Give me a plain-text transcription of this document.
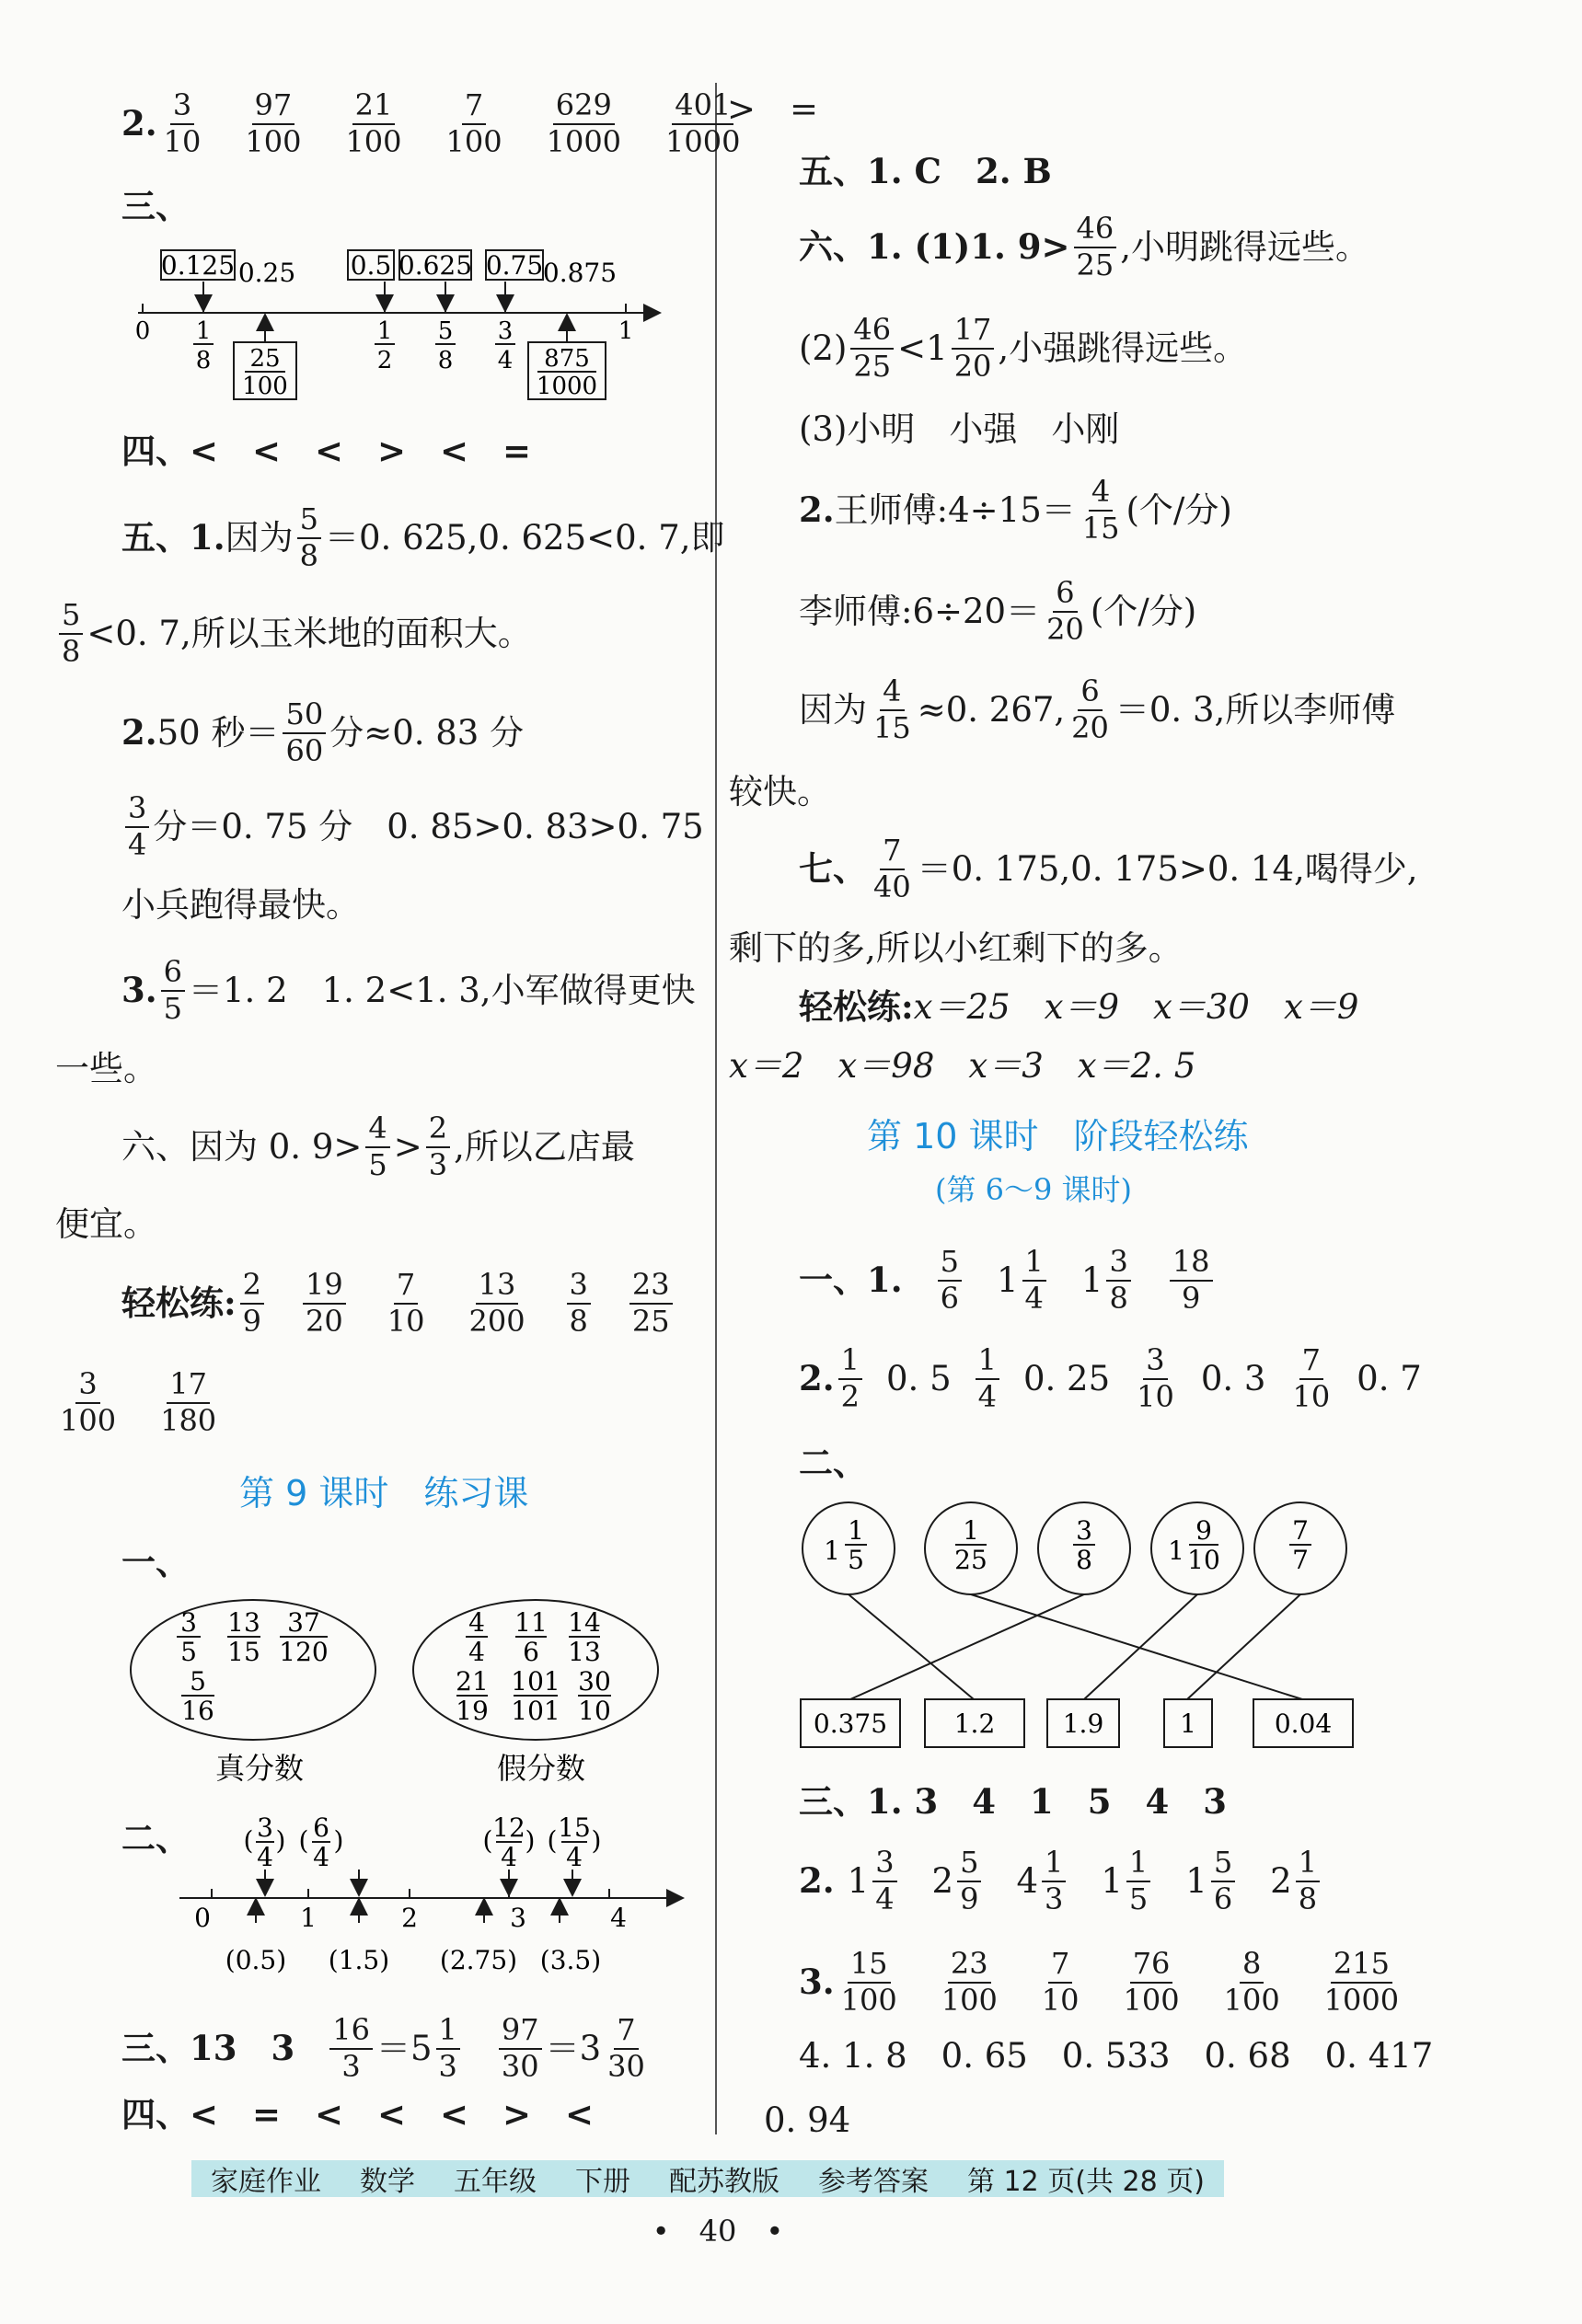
2. 3
10
97
100
21
100
7
100
629
1000
401
1000
三、
0.125 0.25 0.5 0.625 0.75 0.875
0	1
1
8
1
2
5
8
3
4
25
100
875
1000
四、<　<　<　>　<　=
五、1. 因为 5
8 ＝0. 625,0. 625<0. 7,即
5
8 <0. 7,所以玉米地的面积大。
2. 50 秒＝ 50
60 分≈0. 83 分
3
4 分＝0. 75 分　0. 85>0. 83>0. 75
小兵跑得最快。
3. 6
5 ＝1. 2　1. 2<1. 3,小军做得更快
一些。
六、因为 0. 9> 4
5 > 2
3 ,所以乙店最
便宜。
轻松练: 2
9
19
20
7
10
13
200
3
8
23
25
3
100
17
180
第 9 课时　练习课
一、
3
5
13
15
37
120
5
16
4
4
11
6
14
13
21
19
101
101
30
10
真分数	假分数
二、 ( )
3
4
( )
6
4
( )
12
4
( )
15
4
0	1	2	3	4
(0.5) (1.5) (2.75) (3.5)
三、13　3 16
3 ＝5 1
3
97
30 ＝3 7
30
四、<　=　<　<　<　>　<
>　=
五、1. C　2. B
六、1. (1)1. 9> 46
25 ,小明跳得远些。
(2) 46
25 <1 17
20 ,小强跳得远些。
(3)小明　小强　小刚
2. 王师傅:4÷15＝ 4
15 (个/分)
李师傅:6÷20＝ 6
20 (个/分)
因为 $\frac{4}{15} \approx 0$. 267, 6
20 ＝0. 3,所以李师傅
较快。
七、 7
40 ＝0. 175,0. 175>0. 14,喝得少,
剩下的多,所以小红剩下的多。
轻松练: x＝25　x＝9　x＝30　x＝9
x＝2　x＝98　x＝3　x＝2. 5
第 10 课时　阶段轻松练
(第 6～9 课时)
一、1. 5
6 1 1
4 1 3
8
18
9
2. 1
2 0. 5 1
4 0. 25 3
10 0. 3 7
10 0. 7
二、
1
1
5
1
25
3
8	1
9
10
7
7
0.375	1.2	1.9	1	0.04
三、1. 3　4　1　5　4　3
2. 1 3
4 2 5
9 4 1
3 1 1
5 1 5
6 2 1
8
3. 15
100
23
100
7
10
76
100
8
100
215
1000
4. 1. 8　0. 65　0. 533　0. 68　0. 417
0. 94
家庭作业 数学 五年级 下册 配苏教版 参考答案 第 12 页(共 28 页)
•　40　•
